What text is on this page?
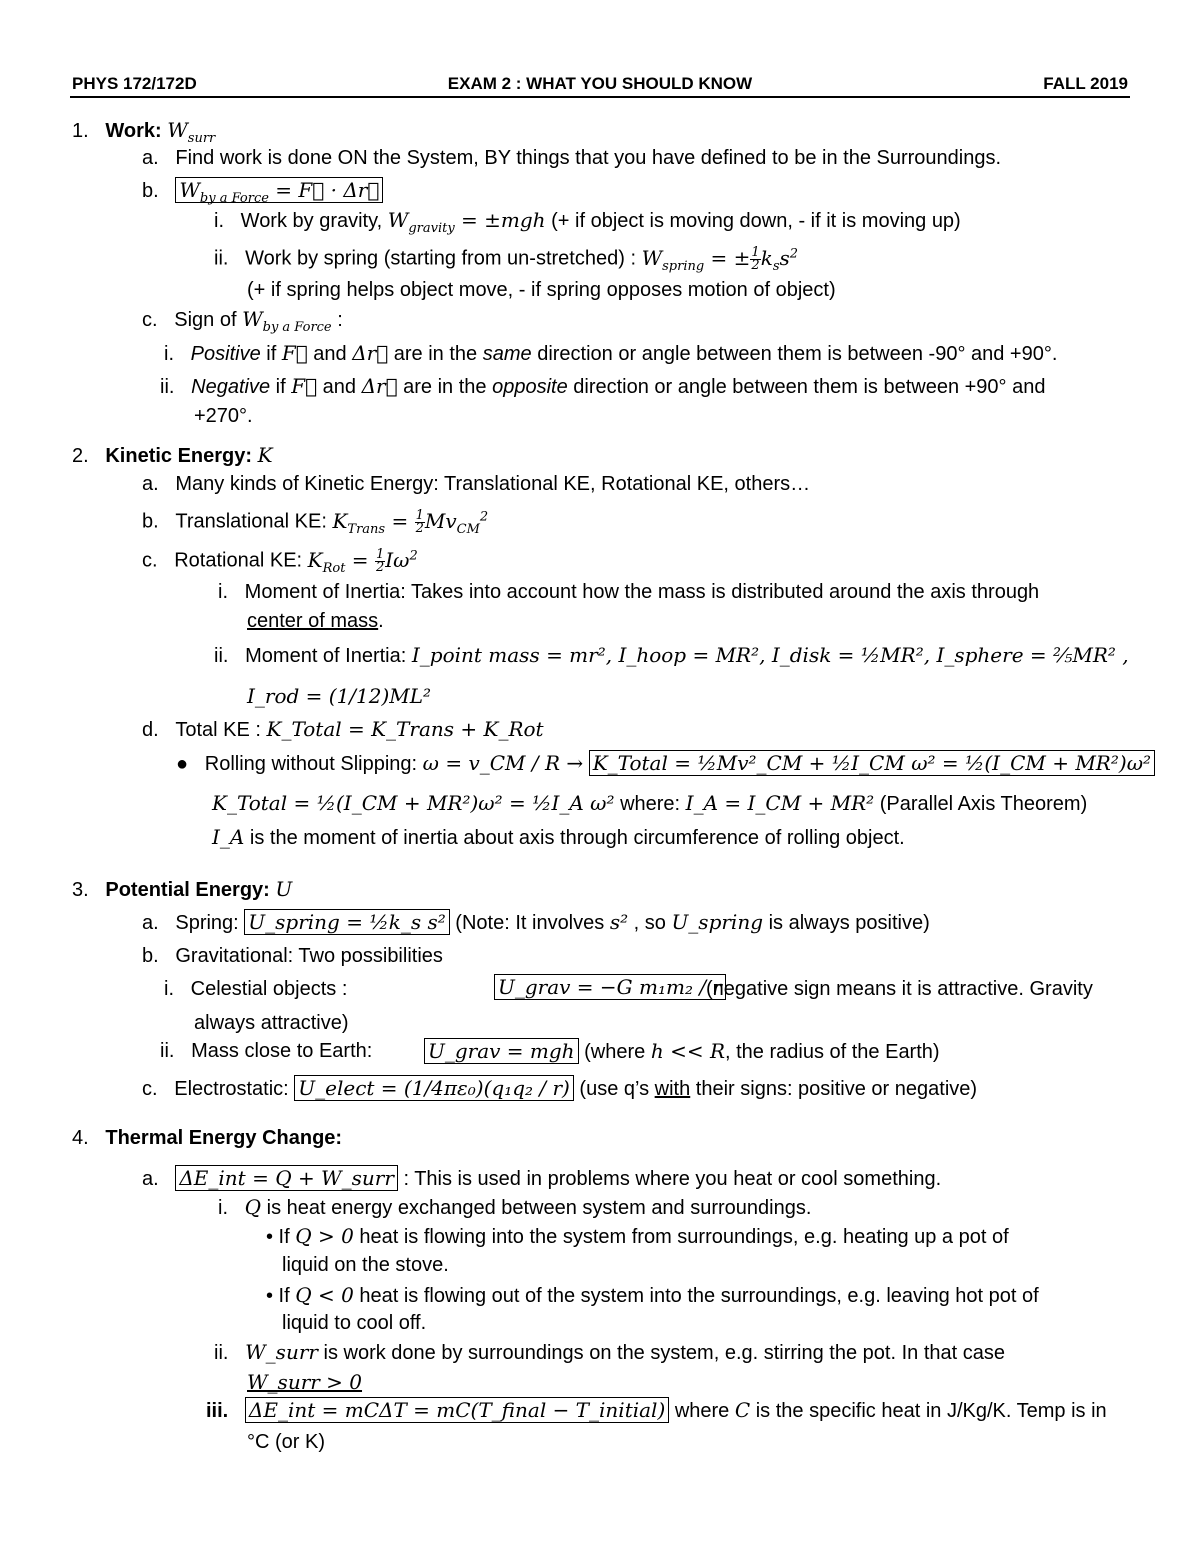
PHYS 172/172D	EXAM 2 : WHAT YOU SHOULD KNOW	FALL 2019
1. Work: $W_{surr}$
a. Find work is done ON the System, BY things that you have defined to be in the Surroundings.
b. $W_{by a Force}$ = F⃗ · Δr⃗
i. Work by gravity, $W_{gravity} = \pm mgh$ (+ if object is moving down, - if it is moving up)
ii. Work by spring (starting from un-stretched) : $W_{spring}$ = ± $\frac{1}{2} k_ss^2$
(+ if spring helps object move, - if spring opposes motion of object)
c. Sign of $W_{by a Force}$ :
i. Positive if F⃗ and Δr⃗ are in the same direction or angle between them is between -90° and +90°.
ii. Negative if F⃗ and Δr⃗ are in the opposite direction or angle between them is between +90° and
+270°.
2. Kinetic Energy: K
a. Many kinds of Kinetic Energy: Translational KE, Rotational KE, others…
b. Translational KE: $K_{Trans} = \frac{1}{2} Mv_{CM}^2$
c. Rotational KE: $K_{Rot} = \frac{1}{2} I\omega^2$
i. Moment of Inertia: Takes into account how the mass is distributed around the axis through
center of mass.
ii. Moment of Inertia: I_point mass = mr², I_hoop = MR², I_disk = ½MR², I_sphere = ⅖MR² ,
I_rod = (1/12)ML²
d. Total KE : K_Total = K_Trans + K_Rot
● Rolling without Slipping: ω = v_CM / R → K_Total = ½Mv²_CM + ½I_CM ω² = ½(I_CM + MR²)ω²
K_Total = ½(I_CM + MR²)ω² = ½I_A ω² where: I_A = I_CM + MR² (Parallel Axis Theorem)
I_A is the moment of inertia about axis through circumference of rolling object.
3. Potential Energy: U
a. Spring: U_spring = ½k_s s² (Note: It involves s² , so U_spring is always positive)
b. Gravitational: Two possibilities
i. Celestial objects :	U_grav = −G m₁m₂ / r
(negative sign means it is attractive. Gravity
always attractive)
ii. Mass close to Earth:	U_grav = mgh (where h << R, the radius of the Earth)
c. Electrostatic: U_elect = (1/4πε₀)(q₁q₂ / r) (use q’s with their signs: positive or negative)
4. Thermal Energy Change:
a. ΔE_int = Q + W_surr : This is used in problems where you heat or cool something.
i. Q is heat energy exchanged between system and surroundings.
• If Q > 0 heat is flowing into the system from surroundings, e.g. heating up a pot of
liquid on the stove.
• If Q < 0 heat is flowing out of the system into the surroundings, e.g. leaving hot pot of
liquid to cool off.
ii. W_surr is work done by surroundings on the system, e.g. stirring the pot. In that case
W_surr > 0
iii. ΔE_int = mCΔT = mC(T_final − T_initial) where C is the specific heat in J/Kg/K. Temp is in
°C (or K)
